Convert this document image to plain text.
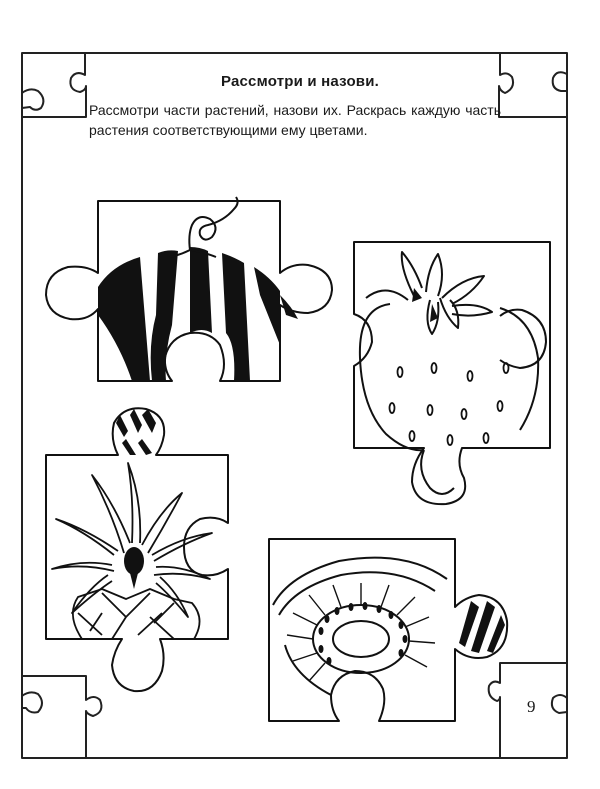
Рассмотри и назови.
Рассмотри части растений, назови их. Раскрась каждую часть растения соответствующими ему цветами.
9
